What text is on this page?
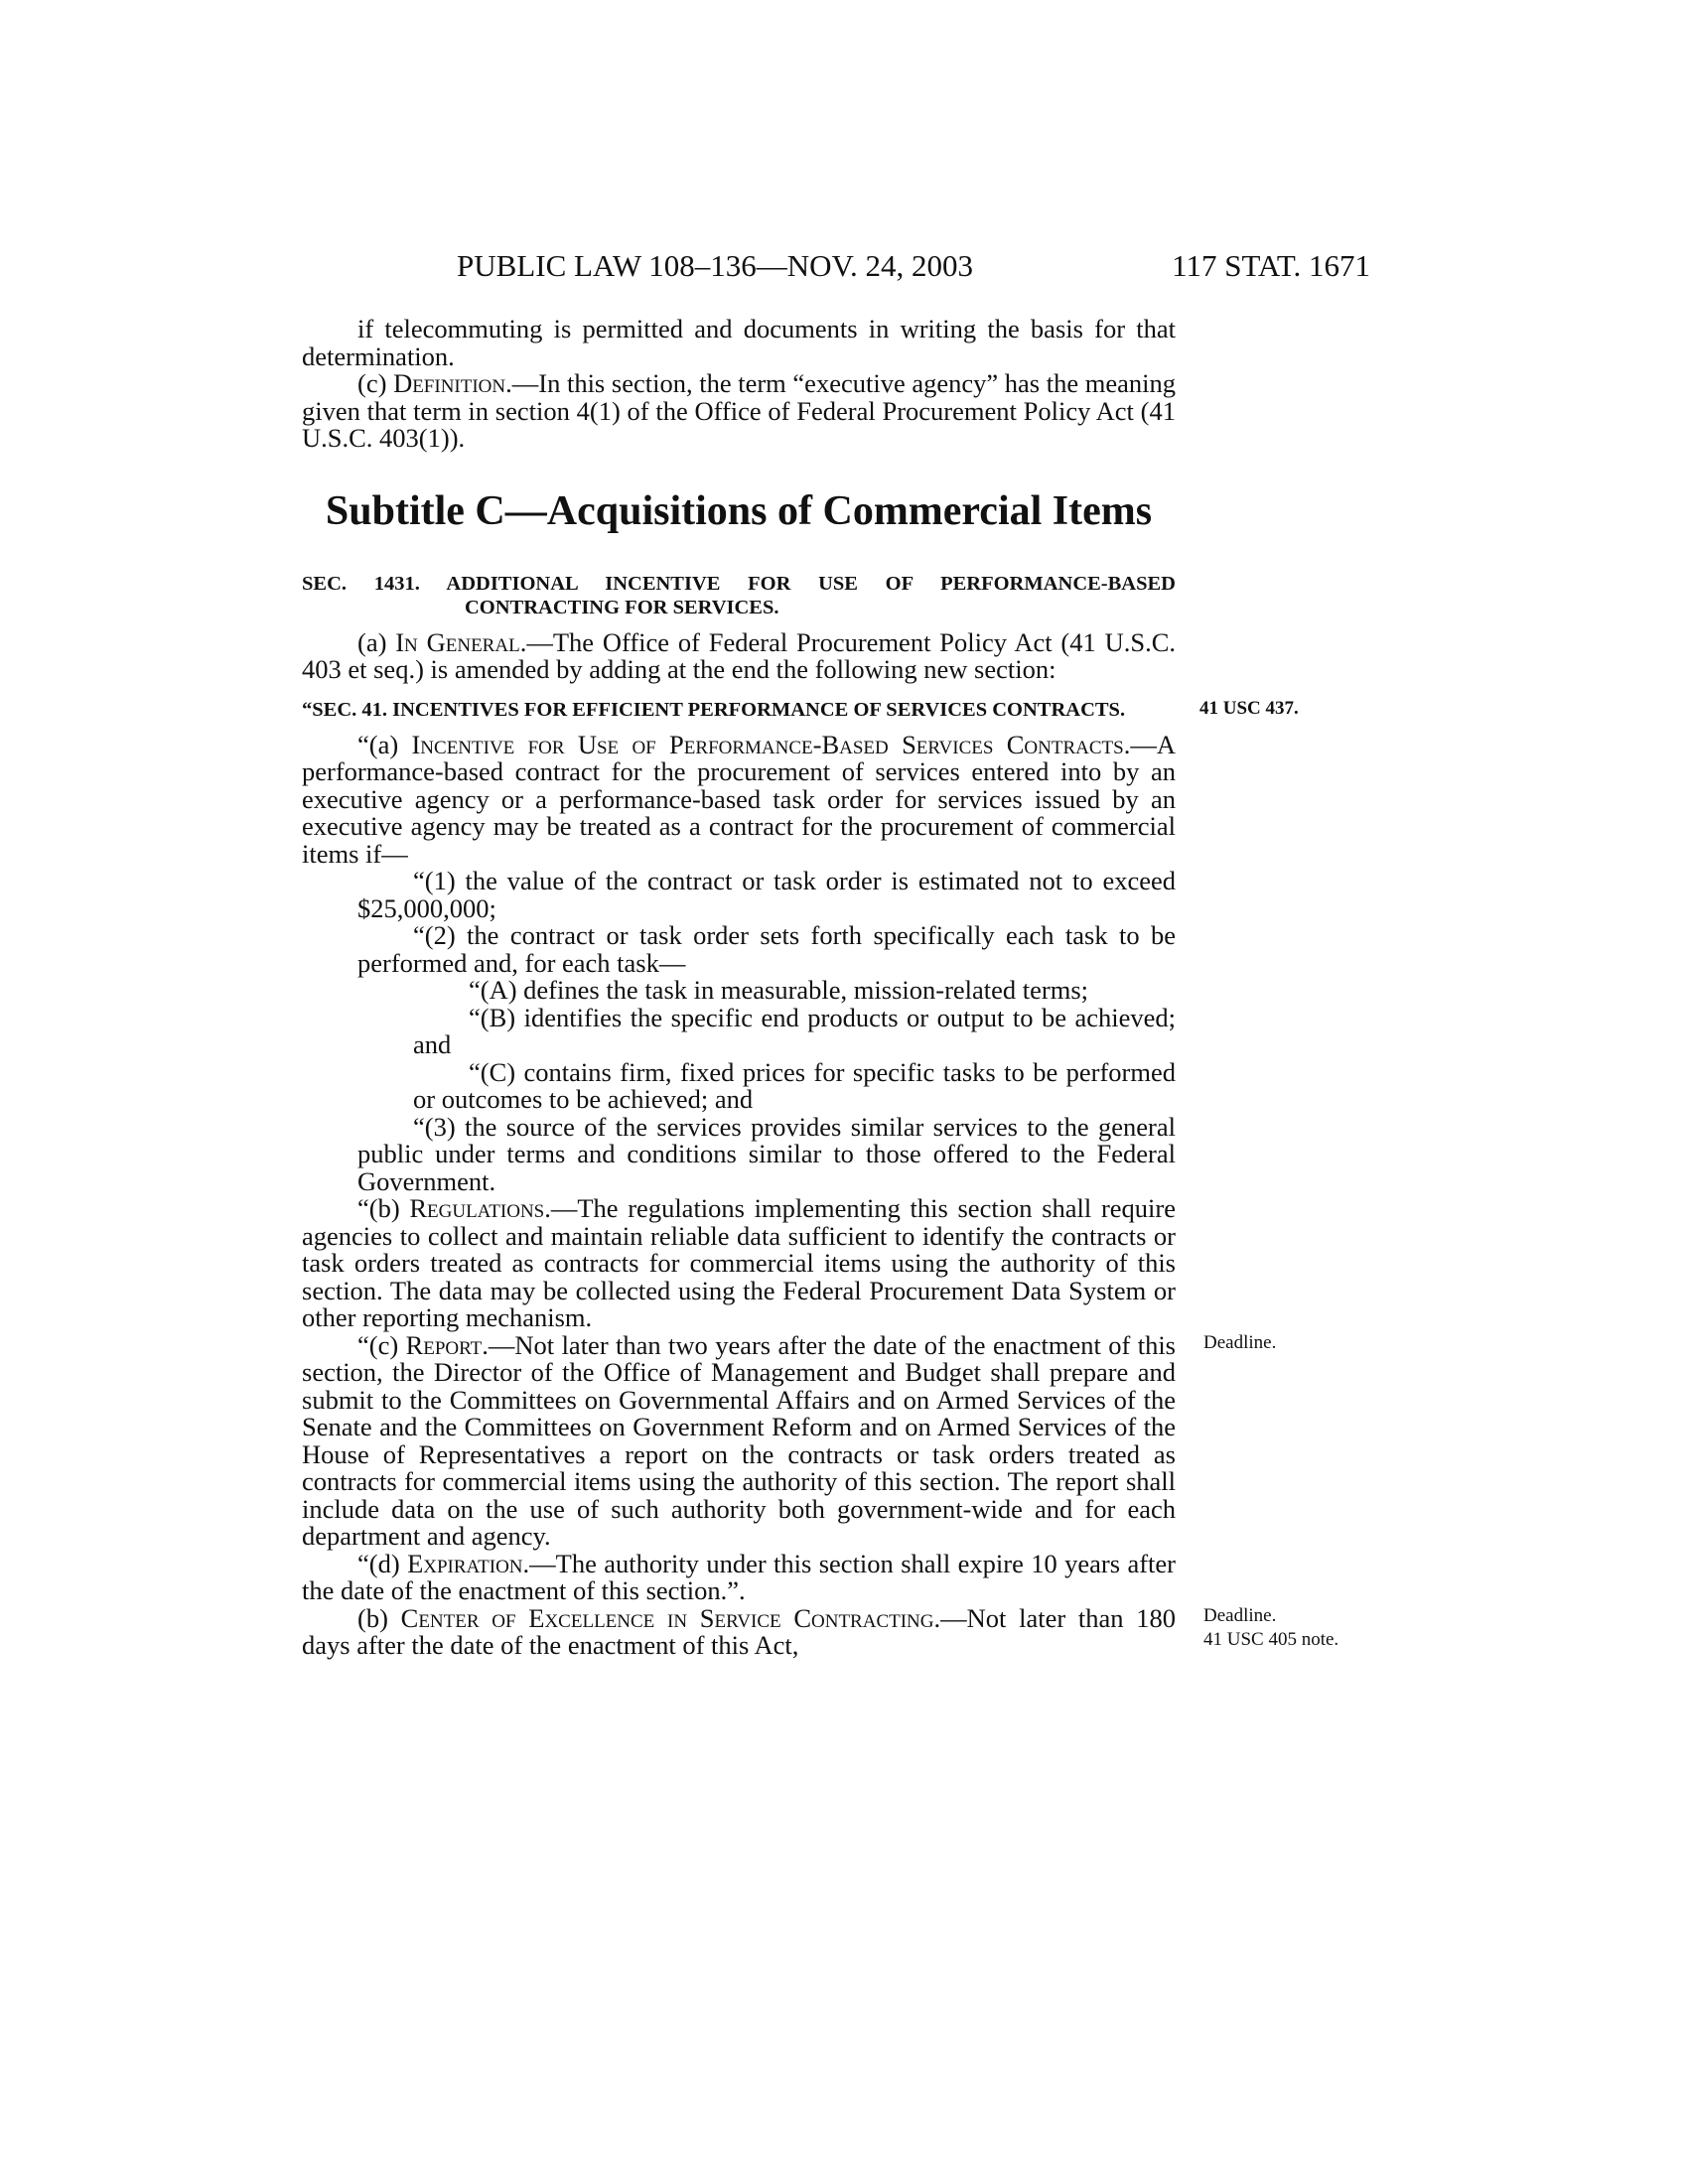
PUBLIC LAW 108–136—NOV. 24, 2003	117 STAT. 1671

if telecommuting is permitted and documents in writing the basis for that determination.

(c) Definition.—In this section, the term “executive agency” has the meaning given that term in section 4(1) of the Office of Federal Procurement Policy Act (41 U.S.C. 403(1)).

Subtitle C—Acquisitions of Commercial Items
SEC. 1431. ADDITIONAL INCENTIVE FOR USE OF PERFORMANCE-BASED CONTRACTING FOR SERVICES.

(a) In General.—The Office of Federal Procurement Policy Act (41 U.S.C. 403 et seq.) is amended by adding at the end the following new section:

“SEC. 41. INCENTIVES FOR EFFICIENT PERFORMANCE OF SERVICES CONTRACTS.	41 USC 437.

“(a) Incentive for Use of Performance-Based Services Contracts.—A performance-based contract for the procurement of services entered into by an executive agency or a performance-based task order for services issued by an executive agency may be treated as a contract for the procurement of commercial items if—

“(1) the value of the contract or task order is estimated not to exceed $25,000,000;

“(2) the contract or task order sets forth specifically each task to be performed and, for each task—

“(A) defines the task in measurable, mission-related terms;

“(B) identifies the specific end products or output to be achieved; and

“(C) contains firm, fixed prices for specific tasks to be performed or outcomes to be achieved; and

“(3) the source of the services provides similar services to the general public under terms and conditions similar to those offered to the Federal Government.

“(b) Regulations.—The regulations implementing this section shall require agencies to collect and maintain reliable data sufficient to identify the contracts or task orders treated as contracts for commercial items using the authority of this section. The data may be collected using the Federal Procurement Data System or other reporting mechanism.

Deadline.
“(c) Report.—Not later than two years after the date of the enactment of this section, the Director of the Office of Management and Budget shall prepare and submit to the Committees on Governmental Affairs and on Armed Services of the Senate and the Committees on Government Reform and on Armed Services of the House of Representatives a report on the contracts or task orders treated as contracts for commercial items using the authority of this section. The report shall include data on the use of such authority both government-wide and for each department and agency.

“(d) Expiration.—The authority under this section shall expire 10 years after the date of the enactment of this section.”.

Deadline.
41 USC 405 note.
(b) Center of Excellence in Service Contracting.—Not later than 180 days after the date of the enactment of this Act,
